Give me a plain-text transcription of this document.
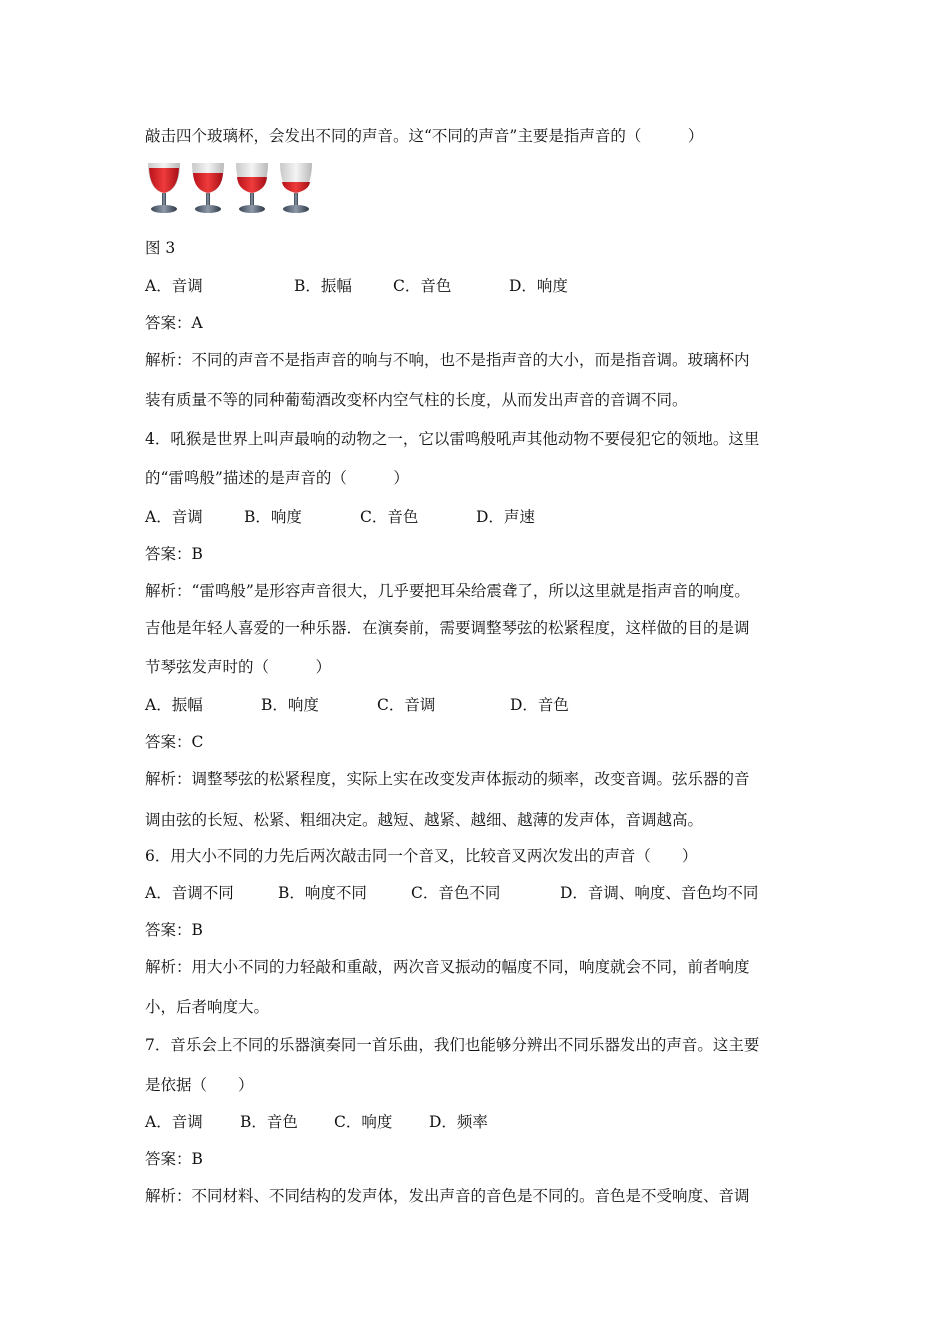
敲击四个玻璃杯，会发出不同的声音。这“不同的声音”主要是指声音的（　　　）
图 3
A．音调	B．振幅	C．音色	D．响度
答案：A
解析：不同的声音不是指声音的响与不响，也不是指声音的大小，而是指音调。玻璃杯内
装有质量不等的同种葡萄酒改变杯内空气柱的长度，从而发出声音的音调不同。
4．吼猴是世界上叫声最响的动物之一，它以雷鸣般吼声其他动物不要侵犯它的领地。这里
的“雷鸣般”描述的是声音的（　　　）
A．音调	B．响度	C．音色	D．声速
答案：B
解析：“雷鸣般”是形容声音很大，几乎要把耳朵给震聋了，所以这里就是指声音的响度。
吉他是年轻人喜爱的一种乐器．在演奏前，需要调整琴弦的松紧程度，这样做的目的是调
节琴弦发声时的（　　　）
A．振幅	B．响度	C．音调	D．音色
答案：C
解析：调整琴弦的松紧程度，实际上实在改变发声体振动的频率，改变音调。弦乐器的音
调由弦的长短、松紧、粗细决定。越短、越紧、越细、越薄的发声体，音调越高。
6．用大小不同的力先后两次敲击同一个音叉，比较音叉两次发出的声音（　　）
A．音调不同	B．响度不同	C．音色不同	D．音调、响度、音色均不同
答案：B
解析：用大小不同的力轻敲和重敲，两次音叉振动的幅度不同，响度就会不同，前者响度
小，后者响度大。
7．音乐会上不同的乐器演奏同一首乐曲，我们也能够分辨出不同乐器发出的声音。这主要
是依据（　　）
A．音调 B．音色 C．响度 D．频率
答案：B
解析：不同材料、不同结构的发声体，发出声音的音色是不同的。音色是不受响度、音调
